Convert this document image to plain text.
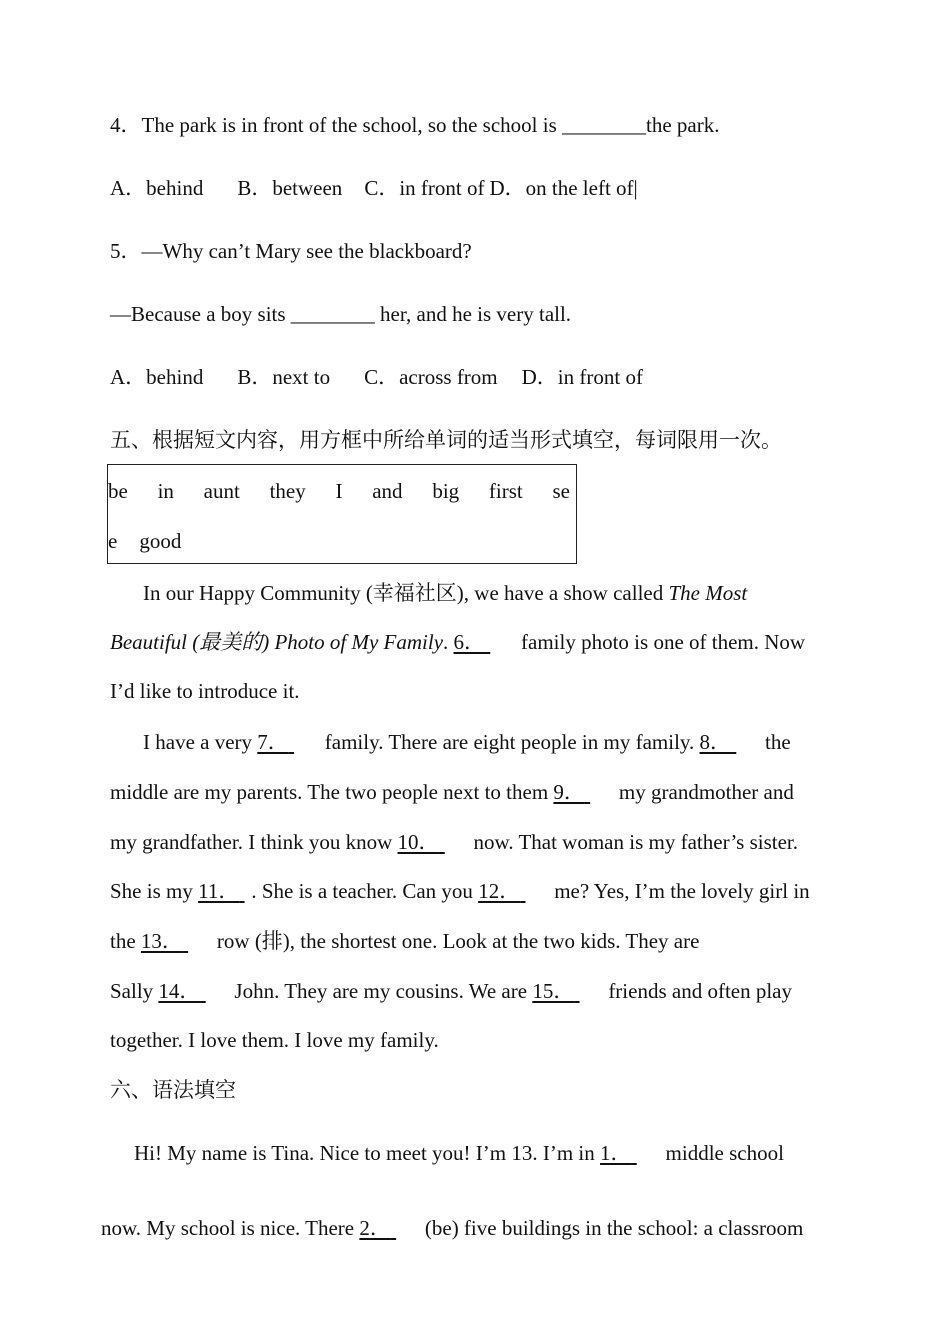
4．The park is in front of the school, so the school is ________the park.
A．behind B．between C．in front of D．on the left of|
5．—Why can’t Mary see the blackboard?
—Because a boy sits ________ her, and he is very tall.
A．behind B．next to C．across from D．in front of
五、根据短文内容，用方框中所给单词的适当形式填空，每词限用一次。
be in aunt they I and big first se
e good
In our Happy Community (幸福社区), we have a show called The Most
Beautiful (最美的) Photo of My Family. 6． family photo is one of them. Now
I’d like to introduce it.
I have a very 7． family. There are eight people in my family. 8． the
middle are my parents. The two people next to them 9． my grandmother and
my grandfather. I think you know 10． now. That woman is my father’s sister.
She is my 11． . She is a teacher. Can you 12． me? Yes, I’m the lovely girl in
the 13． row (排), the shortest one. Look at the two kids. They are
Sally 14． John. They are my cousins. We are 15． friends and often play
together. I love them. I love my family.
六、语法填空
Hi! My name is Tina. Nice to meet you! I’m 13. I’m in 1． middle school
now. My school is nice. There 2． (be) five buildings in the school: a classroom
